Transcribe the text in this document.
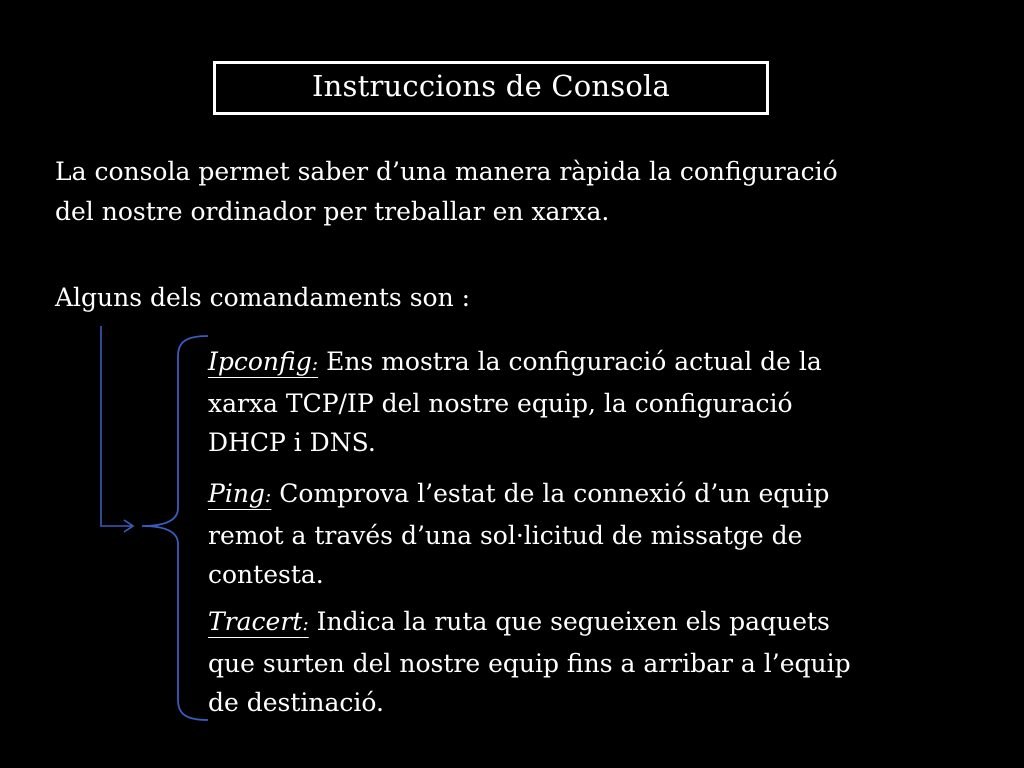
Instruccions de Consola
La consola permet saber d’una manera ràpida la configuració
del nostre ordinador per treballar en xarxa.
Alguns dels comandaments son :
Ipconfig: Ens mostra la configuració actual de la
xarxa TCP/IP del nostre equip, la configuració
DHCP i DNS.
Ping: Comprova l’estat de la connexió d’un equip
remot a través d’una sol·licitud de missatge de
contesta.
Tracert: Indica la ruta que segueixen els paquets
que surten del nostre equip fins a arribar a l’equip
de destinació.
